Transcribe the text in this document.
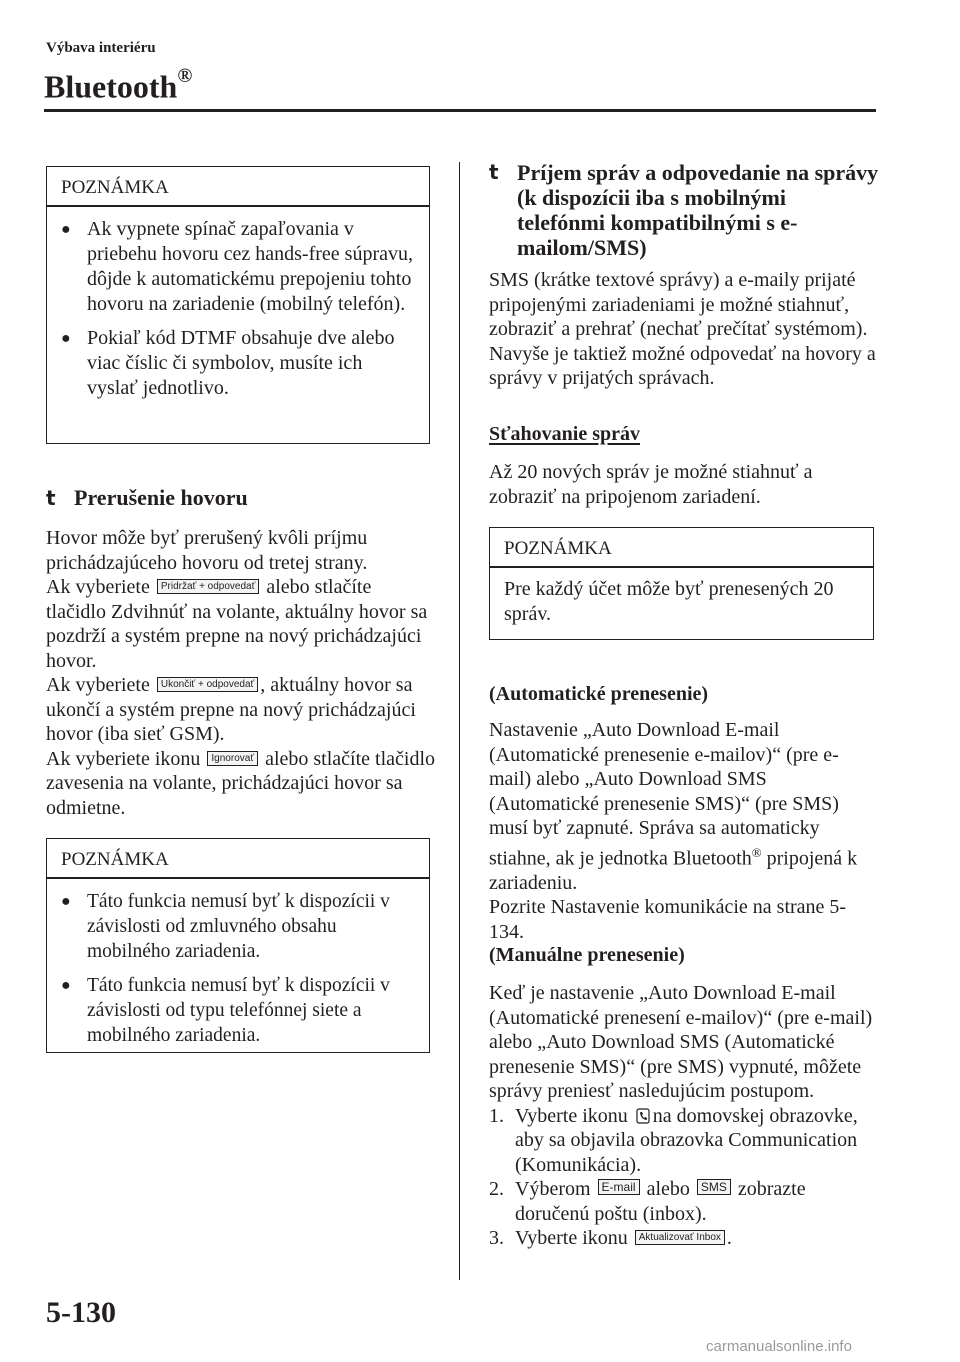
Výbava interiéru
Bluetooth®
POZNÁMKA
● Ak vypnete spínač zapaľovania v priebehu hovoru cez hands-free súpravu, dôjde k automatickému prepojeniu tohto hovoru na zariadenie (mobilný telefón).
● Pokiaľ kód DTMF obsahuje dve alebo viac číslic či symbolov, musíte ich vyslať jednotlivo.
t Prerušenie hovoru
Hovor môže byť prerušený kvôli príjmu prichádzajúceho hovoru od tretej strany.
Ak vyberiete Pridržať + odpovedať alebo stlačíte tlačidlo Zdvihnúť na volante, aktuálny hovor sa pozdrží a systém prepne na nový prichádzajúci hovor.
Ak vyberiete Ukončiť + odpovedať , aktuálny hovor sa ukončí a systém prepne na nový prichádzajúci hovor (iba sieť GSM).
Ak vyberiete ikonu Ignorovať alebo stlačíte tlačidlo zavesenia na volante, prichádzajúci hovor sa odmietne.
POZNÁMKA
● Táto funkcia nemusí byť k dispozícii v závislosti od zmluvného obsahu mobilného zariadenia.
● Táto funkcia nemusí byť k dispozícii v závislosti od typu telefónnej siete a mobilného zariadenia.
t Príjem správ a odpovedanie na správy (k dispozícii iba s mobilnými telefónmi kompatibilnými s e-mailom/SMS)
SMS (krátke textové správy) a e-maily prijaté pripojenými zariadeniami je možné stiahnuť, zobraziť a prehrať (nechať prečítať systémom).
Navyše je taktiež možné odpovedať na hovory a správy v prijatých správach.
Sťahovanie správ
Až 20 nových správ je možné stiahnuť a zobraziť na pripojenom zariadení.
POZNÁMKA
Pre každý účet môže byť prenesených 20 správ.
(Automatické prenesenie)
Nastavenie „Auto Download E-mail (Automatické prenesenie e-mailov)“ (pre e-mail) alebo „Auto Download SMS (Automatické prenesenie SMS)“ (pre SMS) musí byť zapnuté. Správa sa automaticky stiahne, ak je jednotka Bluetooth® pripojená k zariadeniu.
Pozrite Nastavenie komunikácie na strane 5-134.
(Manuálne prenesenie)
Keď je nastavenie „Auto Download E-mail (Automatické prenesení e-mailov)“ (pre e-mail) alebo „Auto Download SMS (Automatické prenesenie SMS)“ (pre SMS) vypnuté, môžete správy preniesť nasledujúcim postupom.
1. Vyberte ikonu na domovskej obrazovke, aby sa objavila obrazovka Communication (Komunikácia).
2. Výberom E-mail alebo SMS zobrazte doručenú poštu (inbox).
3. Vyberte ikonu Aktualizovať Inbox .
5-130
carmanualsonline.info
